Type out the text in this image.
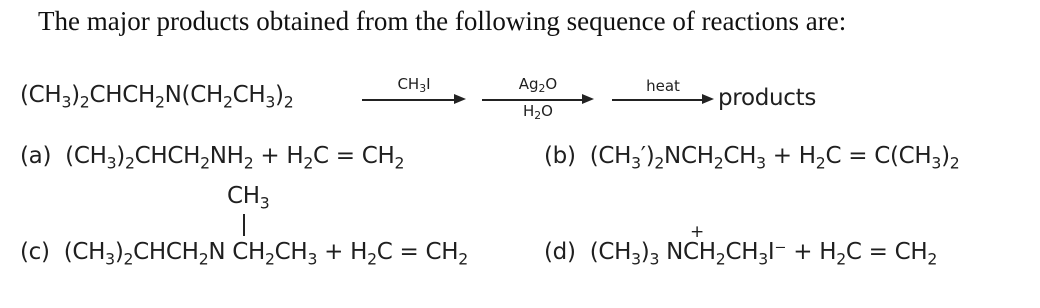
The major products obtained from the following sequence of reactions are:
$(CH_3)_2CHCH_2N(CH_2CH_3)_2$
$CH_3I$	$Ag_2O$
$H_2O$
heat	products
(a) $(CH_3)_2CHCH_2NH_2 + H_2C = CH_2$	(b) $(CH_3')_2NCH_2CH_3 + H_2C = C(CH_3)_2$
$CH_3$
(c) $(CH_3)_2CHCH_2N$ $CH_2CH_3 + H_2C = CH_2$
+
(d) $(CH_3)_3$ $NCH_2CH_3I^- + H_2C = CH_2$
